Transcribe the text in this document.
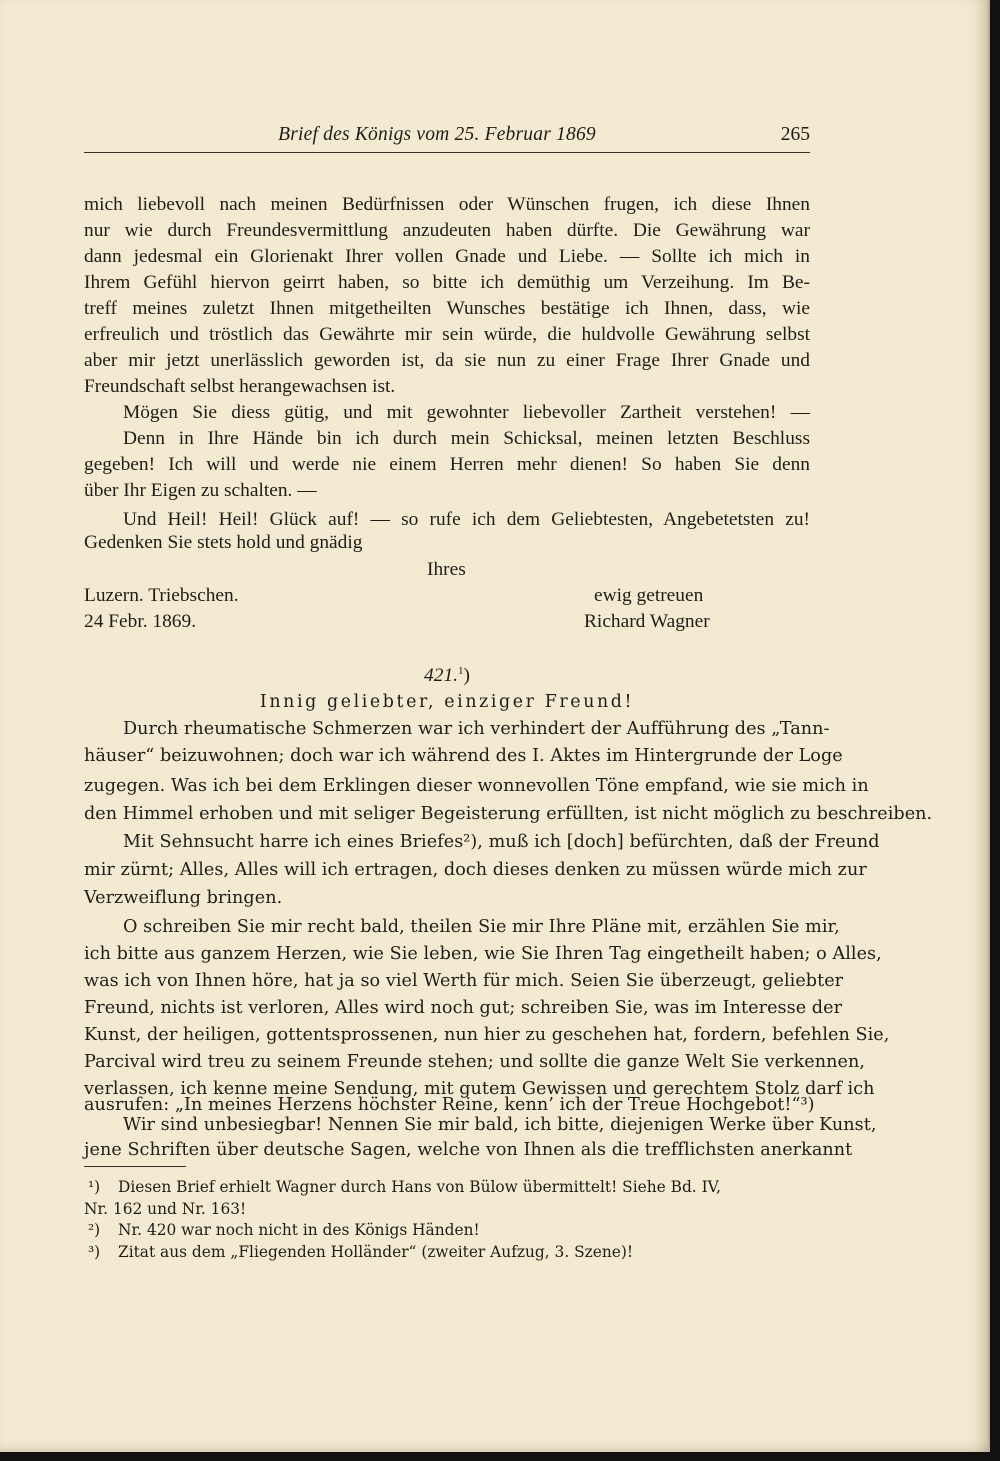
Brief des Königs vom 25. Februar 1869	265
mich liebevoll nach meinen Bedürfnissen oder Wünschen frugen, ich diese Ihnen
nur wie durch Freundesvermittlung anzudeuten haben dürfte. Die Gewährung war
dann jedesmal ein Glorienakt Ihrer vollen Gnade und Liebe. — Sollte ich mich in
Ihrem Gefühl hiervon geirrt haben, so bitte ich demüthig um Verzeihung. Im Be-
treff meines zuletzt Ihnen mitgetheilten Wunsches bestätige ich Ihnen, dass, wie
erfreulich und tröstlich das Gewährte mir sein würde, die huldvolle Gewährung selbst
aber mir jetzt unerlässlich geworden ist, da sie nun zu einer Frage Ihrer Gnade und
Freundschaft selbst herangewachsen ist.
Mögen Sie diess gütig, und mit gewohnter liebevoller Zartheit verstehen! —
Denn in Ihre Hände bin ich durch mein Schicksal, meinen letzten Beschluss
gegeben! Ich will und werde nie einem Herren mehr dienen! So haben Sie denn
über Ihr Eigen zu schalten. —
Und Heil! Heil! Glück auf! — so rufe ich dem Geliebtesten, Angebetetsten zu!
Gedenken Sie stets hold und gnädig
Ihres
Luzern. Triebschen.	ewig getreuen
24 Febr. 1869.	Richard Wagner
421.$^1$)
Innig geliebter, einziger Freund!
Durch rheumatische Schmerzen war ich verhindert der Aufführung des „Tann-
häuser“ beizuwohnen; doch war ich während des I. Aktes im Hintergrunde der Loge
zugegen. Was ich bei dem Erklingen dieser wonnevollen Töne empfand, wie sie mich in
den Himmel erhoben und mit seliger Begeisterung erfüllten, ist nicht möglich zu beschreiben.
Mit Sehnsucht harre ich eines Briefes²), muß ich [doch] befürchten, daß der Freund
mir zürnt; Alles, Alles will ich ertragen, doch dieses denken zu müssen würde mich zur
Verzweiflung bringen.
O schreiben Sie mir recht bald, theilen Sie mir Ihre Pläne mit, erzählen Sie mir,
ich bitte aus ganzem Herzen, wie Sie leben, wie Sie Ihren Tag eingetheilt haben; o Alles,
was ich von Ihnen höre, hat ja so viel Werth für mich. Seien Sie überzeugt, geliebter
Freund, nichts ist verloren, Alles wird noch gut; schreiben Sie, was im Interesse der
Kunst, der heiligen, gottentsprossenen, nun hier zu geschehen hat, fordern, befehlen Sie,
Parcival wird treu zu seinem Freunde stehen; und sollte die ganze Welt Sie verkennen,
verlassen, ich kenne meine Sendung, mit gutem Gewissen und gerechtem Stolz darf ich
ausrufen: „In meines Herzens höchster Reine, kenn’ ich der Treue Hochgebot!“³)
Wir sind unbesiegbar! Nennen Sie mir bald, ich bitte, diejenigen Werke über Kunst,
jene Schriften über deutsche Sagen, welche von Ihnen als die trefflichsten anerkannt
¹) Diesen Brief erhielt Wagner durch Hans von Bülow übermittelt! Siehe Bd. IV,
Nr. 162 und Nr. 163!
²) Nr. 420 war noch nicht in des Königs Händen!
³) Zitat aus dem „Fliegenden Holländer“ (zweiter Aufzug, 3. Szene)!
